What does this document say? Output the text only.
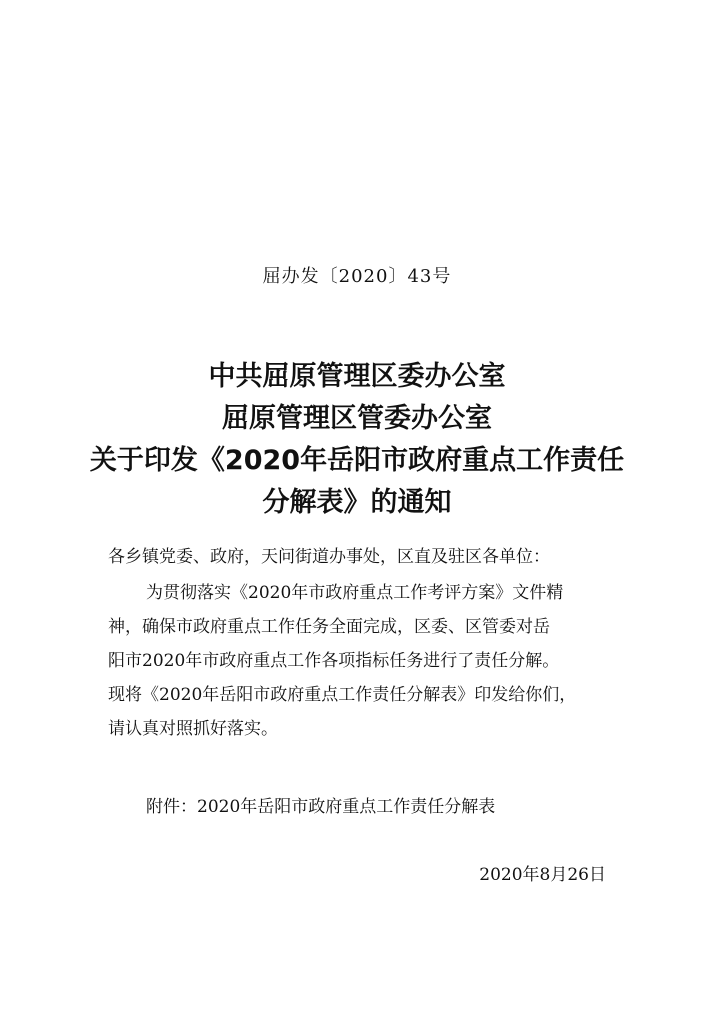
屈办发〔2020〕43号
中共屈原管理区委办公室
屈原管理区管委办公室
关于印发《2020年岳阳市政府重点工作责任
分解表》的通知
各乡镇党委、政府，天问街道办事处，区直及驻区各单位：
为贯彻落实《2020年市政府重点工作考评方案》文件精
神，确保市政府重点工作任务全面完成，区委、区管委对岳
阳市2020年市政府重点工作各项指标任务进行了责任分解。
现将《2020年岳阳市政府重点工作责任分解表》印发给你们，
请认真对照抓好落实。
附件：2020年岳阳市政府重点工作责任分解表
2020年8月26日
